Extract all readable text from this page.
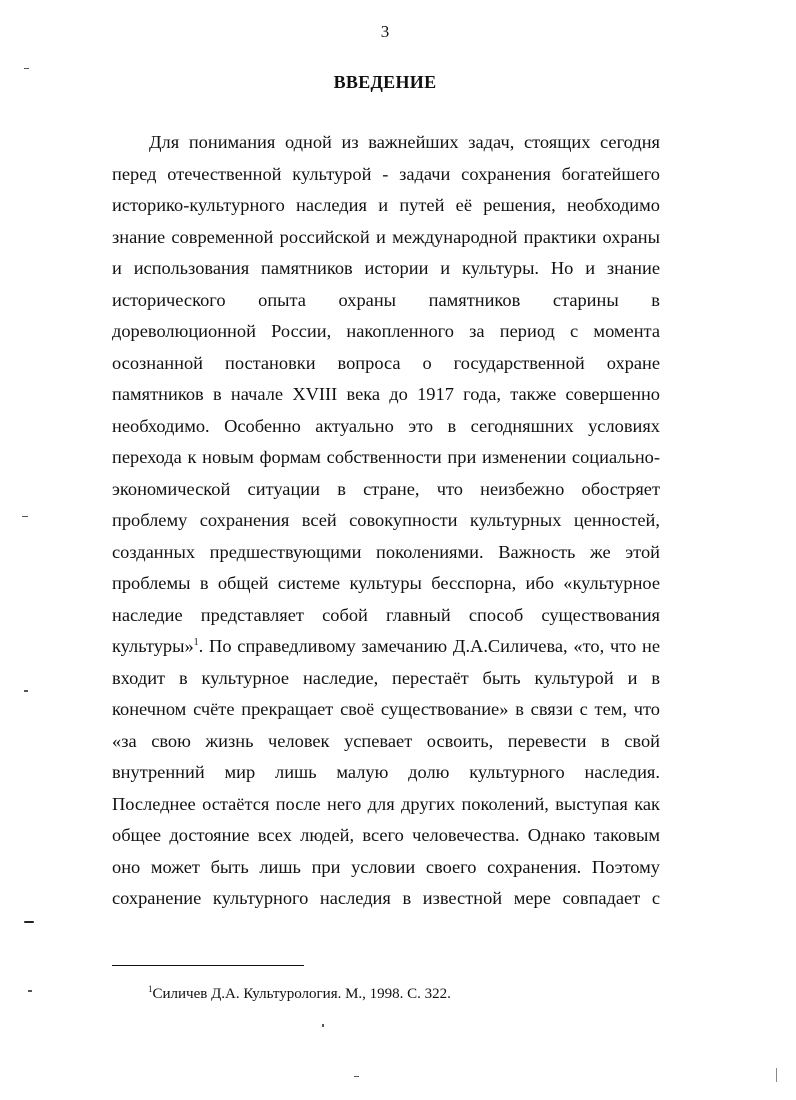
3
ВВЕДЕНИЕ
Для понимания одной из важнейших задач, стоящих сегодня
перед отечественной культурой - задачи сохранения богатейшего
историко-культурного наследия и путей её решения, необходимо
знание современной российской и международной практики охраны
и использования памятников истории и культуры. Но и знание
исторического опыта охраны памятников старины в
дореволюционной России, накопленного за период с момента
осознанной постановки вопроса о государственной охране
памятников в начале XVIII века до 1917 года, также совершенно
необходимо. Особенно актуально это в сегодняшних условиях
перехода к новым формам собственности при изменении социально-
экономической ситуации в стране, что неизбежно обостряет
проблему сохранения всей совокупности культурных ценностей,
созданных предшествующими поколениями. Важность же этой
проблемы в общей системе культуры бесспорна, ибо «культурное
наследие представляет собой главный способ существования
культуры»$^1$. По справедливому замечанию Д.А.Силичева, «то, что не
входит в культурное наследие, перестаёт быть культурой и в
конечном счёте прекращает своё существование» в связи с тем, что
«за свою жизнь человек успевает освоить, перевести в свой
внутренний мир лишь малую долю культурного наследия.
Последнее остаётся после него для других поколений, выступая как
общее достояние всех людей, всего человечества. Однако таковым
оно может быть лишь при условии своего сохранения. Поэтому
сохранение культурного наследия в известной мере совпадает с
$^1$Силичев Д.А. Культурология. М., 1998. С. 322.
